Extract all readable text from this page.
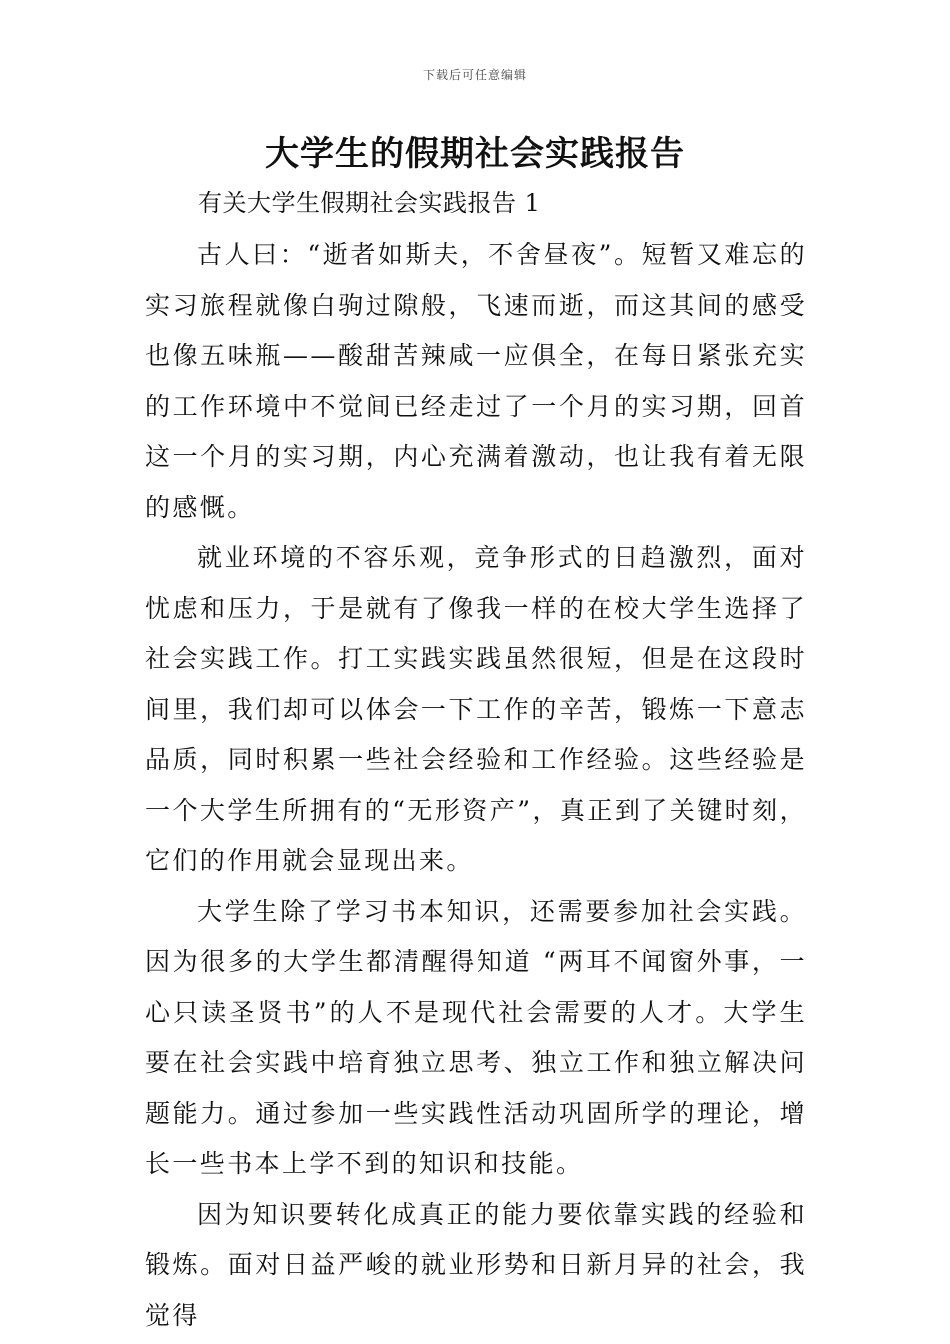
下载后可任意编辑
大学生的假期社会实践报告
有关大学生假期社会实践报告 1

古人曰：“逝者如斯夫，不舍昼夜”。短暂又难忘的实习旅程就像白驹过隙般，飞速而逝，而这其间的感受也像五味瓶——酸甜苦辣咸一应俱全，在每日紧张充实的工作环境中不觉间已经走过了一个月的实习期，回首这一个月的实习期，内心充满着激动，也让我有着无限的感慨。

就业环境的不容乐观，竞争形式的日趋激烈，面对忧虑和压力，于是就有了像我一样的在校大学生选择了社会实践工作。打工实践实践虽然很短，但是在这段时间里，我们却可以体会一下工作的辛苦，锻炼一下意志品质，同时积累一些社会经验和工作经验。这些经验是一个大学生所拥有的“无形资产”，真正到了关键时刻，它们的作用就会显现出来。

大学生除了学习书本知识，还需要参加社会实践。因为很多的大学生都清醒得知道 “两耳不闻窗外事，一心只读圣贤书”的人不是现代社会需要的人才。大学生要在社会实践中培育独立思考、独立工作和独立解决问题能力。通过参加一些实践性活动巩固所学的理论，增长一些书本上学不到的知识和技能。

因为知识要转化成真正的能力要依靠实践的经验和锻炼。面对日益严峻的就业形势和日新月异的社会，我觉得
